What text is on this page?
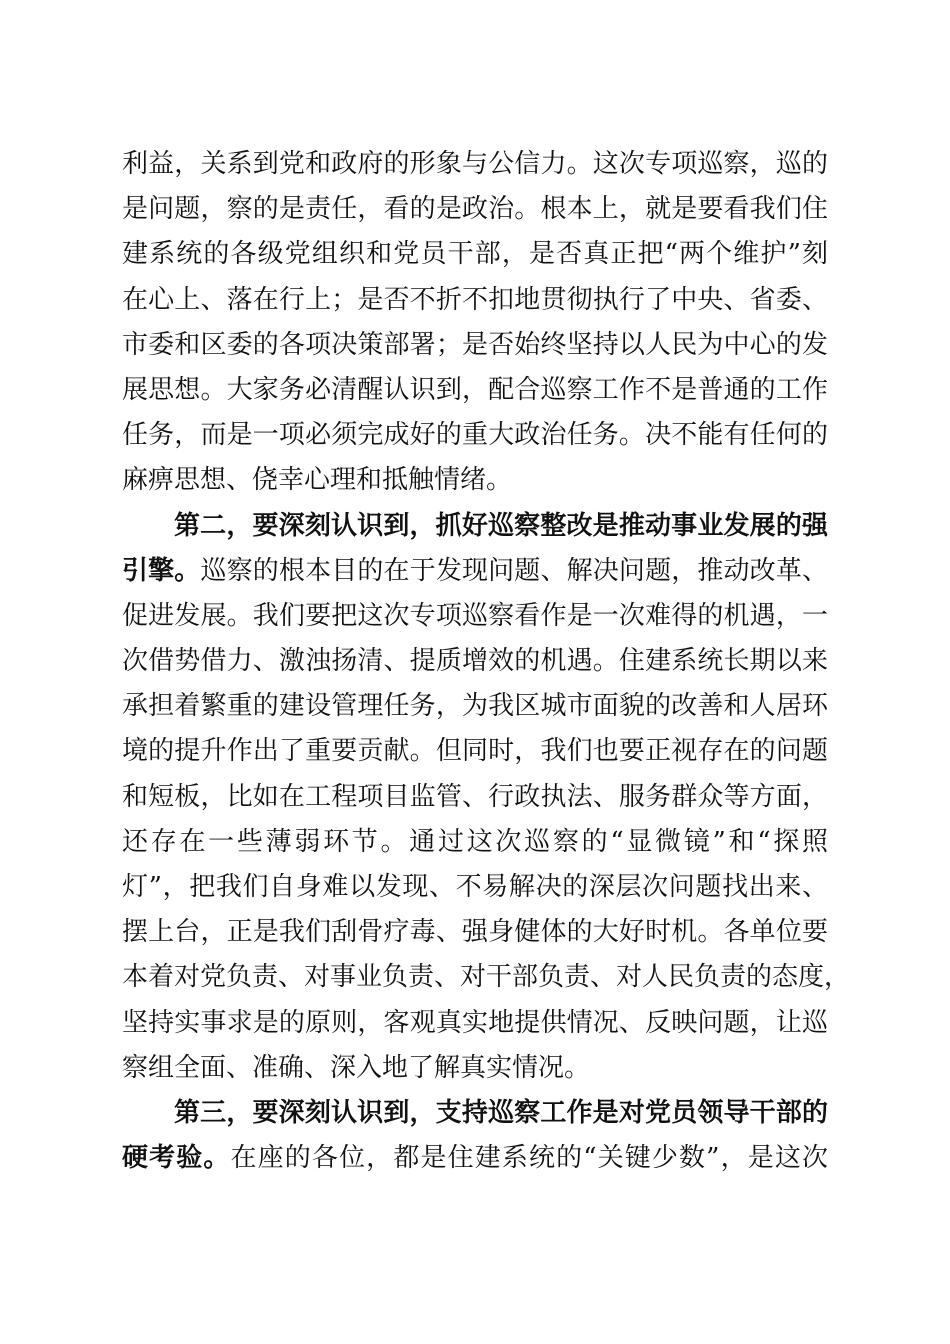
利益，关系到党和政府的形象与公信力。这次专项巡察，巡的
是问题，察的是责任，看的是政治。根本上，就是要看我们住
建系统的各级党组织和党员干部，是否真正把“两个维护”刻
在心上、落在行上；是否不折不扣地贯彻执行了中央、省委、
市委和区委的各项决策部署；是否始终坚持以人民为中心的发
展思想。大家务必清醒认识到，配合巡察工作不是普通的工作
任务，而是一项必须完成好的重大政治任务。决不能有任何的
麻痹思想、侥幸心理和抵触情绪。
第二，要深刻认识到，抓好巡察整改是推动事业发展的强
引擎。巡察的根本目的在于发现问题、解决问题，推动改革、
促进发展。我们要把这次专项巡察看作是一次难得的机遇，一
次借势借力、激浊扬清、提质增效的机遇。住建系统长期以来
承担着繁重的建设管理任务，为我区城市面貌的改善和人居环
境的提升作出了重要贡献。但同时，我们也要正视存在的问题
和短板，比如在工程项目监管、行政执法、服务群众等方面，
还存在一些薄弱环节。通过这次巡察的“显微镜”和“探照
灯”，把我们自身难以发现、不易解决的深层次问题找出来、
摆上台，正是我们刮骨疗毒、强身健体的大好时机。各单位要
本着对党负责、对事业负责、对干部负责、对人民负责的态度，
坚持实事求是的原则，客观真实地提供情况、反映问题，让巡
察组全面、准确、深入地了解真实情况。
第三，要深刻认识到，支持巡察工作是对党员领导干部的
硬考验。在座的各位，都是住建系统的“关键少数”，是这次
